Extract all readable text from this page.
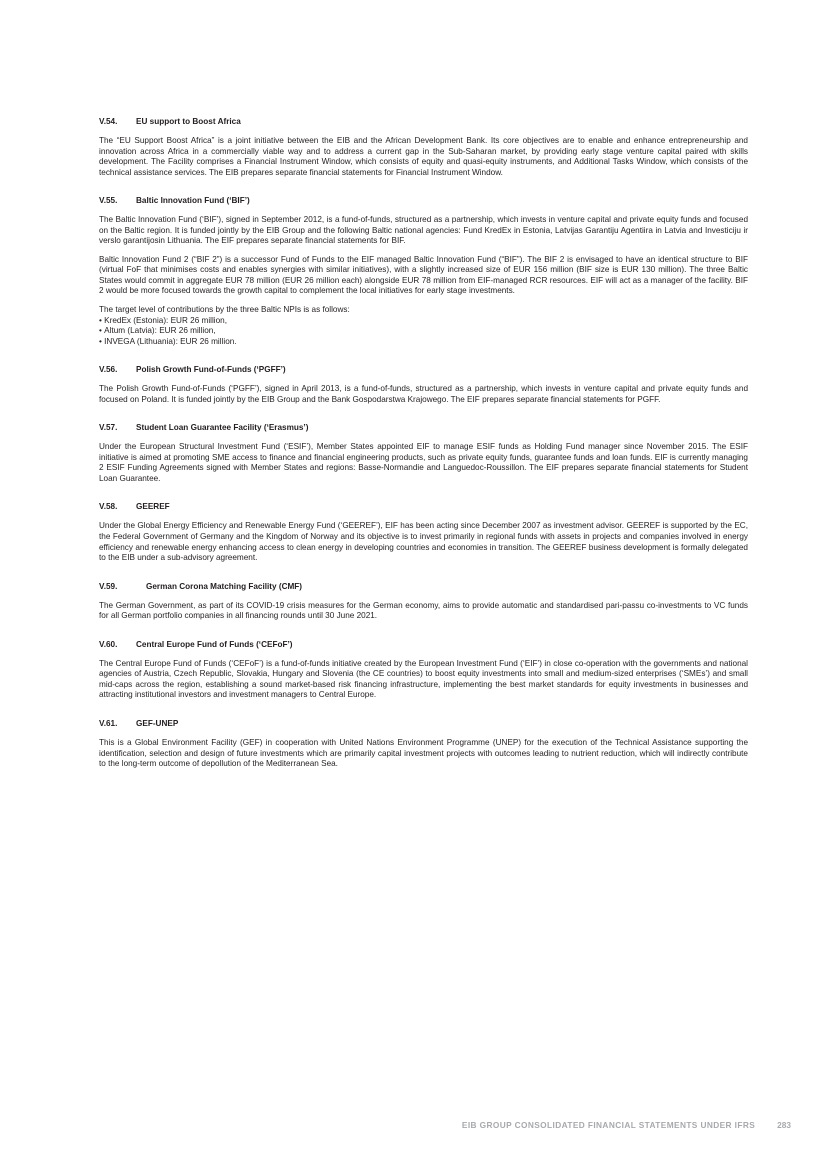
V.54. EU support to Boost Africa

The “EU Support Boost Africa” is a joint initiative between the EIB and the African Development Bank. Its core objectives are to enable and enhance entrepreneurship and innovation across Africa in a commercially viable way and to address a current gap in the Sub-Saharan market, by providing early stage venture capital paired with skills development. The Facility comprises a Financial Instrument Window, which consists of equity and quasi-equity instruments, and Additional Tasks Window, which consists of the technical assistance services. The EIB prepares separate financial statements for Financial Instrument Window.

V.55. Baltic Innovation Fund (‘BIF’)

The Baltic Innovation Fund (‘BIF’), signed in September 2012, is a fund-of-funds, structured as a partnership, which invests in venture capital and private equity funds and focused on the Baltic region. It is funded jointly by the EIB Group and the following Baltic national agencies: Fund KredEx in Estonia, Latvijas Garantiju Agentiira in Latvia and Investiciju ir verslo garantijosin Lithuania. The EIF prepares separate financial statements for BIF.

Baltic Innovation Fund 2 (“BIF 2”) is a successor Fund of Funds to the EIF managed Baltic Innovation Fund (“BIF”). The BIF 2 is envisaged to have an identical structure to BIF (virtual FoF that minimises costs and enables synergies with similar initiatives), with a slightly increased size of EUR 156 million (BIF size is EUR 130 million). The three Baltic States would commit in aggregate EUR 78 million (EUR 26 million each) alongside EUR 78 million from EIF-managed RCR resources. EIF will act as a manager of the facility. BIF 2 would be more focused towards the growth capital to complement the local initiatives for early stage investments.

The target level of contributions by the three Baltic NPIs is as follows:

• KredEx (Estonia): EUR 26 million,
• Altum (Latvia): EUR 26 million,
• INVEGA (Lithuania): EUR 26 million.
V.56. Polish Growth Fund-of-Funds (‘PGFF’)

The Polish Growth Fund-of-Funds (‘PGFF’), signed in April 2013, is a fund-of-funds, structured as a partnership, which invests in venture capital and private equity funds and focused on Poland. It is funded jointly by the EIB Group and the Bank Gospodarstwa Krajowego. The EIF prepares separate financial statements for PGFF.

V.57. Student Loan Guarantee Facility (‘Erasmus’)

Under the European Structural Investment Fund (‘ESIF’), Member States appointed EIF to manage ESIF funds as Holding Fund manager since November 2015. The ESIF initiative is aimed at promoting SME access to finance and financial engineering products, such as private equity funds, guarantee funds and loan funds. EIF is currently managing 2 ESIF Funding Agreements signed with Member States and regions: Basse-Normandie and Languedoc-Roussillon. The EIF prepares separate financial statements for Student Loan Guarantee.

V.58. GEEREF

Under the Global Energy Efficiency and Renewable Energy Fund (‘GEEREF’), EIF has been acting since December 2007 as investment advisor. GEEREF is supported by the EC, the Federal Government of Germany and the Kingdom of Norway and its objective is to invest primarily in regional funds with assets in projects and companies involved in energy efficiency and renewable energy enhancing access to clean energy in developing countries and economies in transition. The GEEREF business development is formally delegated to the EIB under a sub-advisory agreement.

V.59.	German Corona Matching Facility (CMF)

The German Government, as part of its COVID-19 crisis measures for the German economy, aims to provide automatic and standardised pari-passu co-investments to VC funds for all German portfolio companies in all financing rounds until 30 June 2021.

V.60. Central Europe Fund of Funds (‘CEFoF’)

The Central Europe Fund of Funds (‘CEFoF’) is a fund-of-funds initiative created by the European Investment Fund (‘EIF’) in close co-operation with the governments and national agencies of Austria, Czech Republic, Slovakia, Hungary and Slovenia (the CE countries) to boost equity investments into small and medium-sized enterprises (‘SMEs’) and small mid-caps across the region, establishing a sound market-based risk financing infrastructure, implementing the best market standards for equity investments in businesses and attracting institutional investors and investment managers to Central Europe.

V.61. GEF-UNEP

This is a Global Environment Facility (GEF) in cooperation with United Nations Environment Programme (UNEP) for the execution of the Technical Assistance supporting the identification, selection and design of future investments which are primarily capital investment projects with outcomes leading to nutrient reduction, which will indirectly contribute to the long-term outcome of depollution of the Mediterranean Sea.

EIB GROUP CONSOLIDATED FINANCIAL STATEMENTS UNDER IFRS	283
